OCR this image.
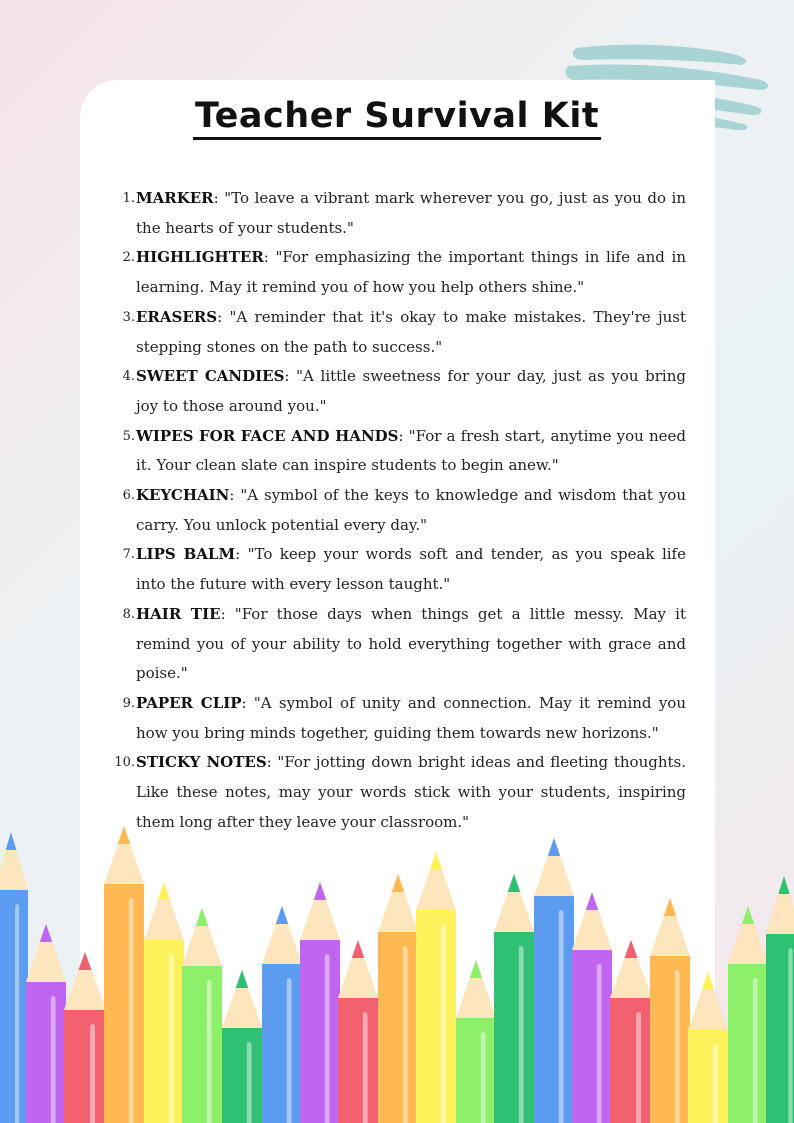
Teacher Survival Kit
1. MARKER: "To leave a vibrant mark wherever you go, just as you do in the hearts of your students."
2. HIGHLIGHTER: "For emphasizing the important things in life and in learning. May it remind you of how you help others shine."
3. ERASERS: "A reminder that it's okay to make mistakes. They're just stepping stones on the path to success."
4. SWEET CANDIES: "A little sweetness for your day, just as you bring joy to those around you."
5. WIPES FOR FACE AND HANDS: "For a fresh start, anytime you need it. Your clean slate can inspire students to begin anew."
6. KEYCHAIN: "A symbol of the keys to knowledge and wisdom that you carry. You unlock potential every day."
7. LIPS BALM: "To keep your words soft and tender, as you speak life into the future with every lesson taught."
8. HAIR TIE: "For those days when things get a little messy. May it remind you of your ability to hold everything together with grace and poise."
9. PAPER CLIP: "A symbol of unity and connection. May it remind you how you bring minds together, guiding them towards new horizons."
10. STICKY NOTES: "For jotting down bright ideas and fleeting thoughts. Like these notes, may your words stick with your students, inspiring them long after they leave your classroom."
